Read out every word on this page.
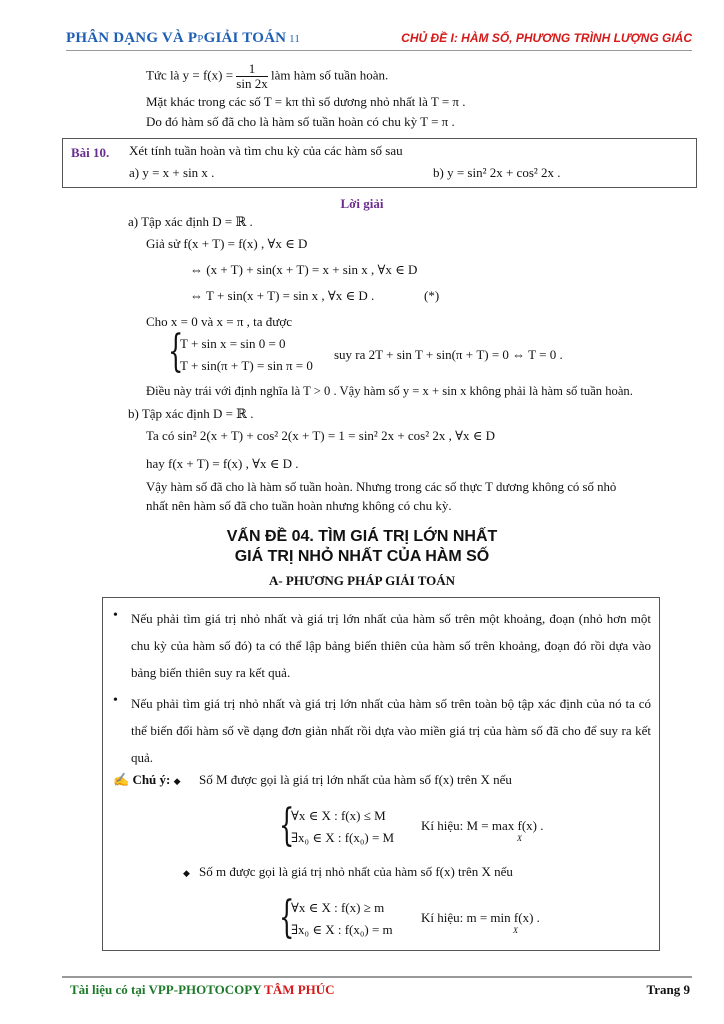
PHÂN DẠNG VÀ PPGIẢI TOÁN 11	CHỦ ĐỀ I: HÀM SỐ, PHƯƠNG TRÌNH LƯỢNG GIÁC
Tức là $y = f(x) = \frac{1}{\sin 2x}$ làm hàm số tuần hoàn.
Mặt khác trong các số T = kπ thì số dương nhỏ nhất là T = π .
Do đó hàm số đã cho là hàm số tuần hoàn có chu kỳ T = π .
Bài 10. Xét tính tuần hoàn và tìm chu kỳ của các hàm số sau
a) y = x + sin x .	b) y = sin² 2x + cos² 2x .
Lời giải
a) Tập xác định D = ℝ .
Giả sử f(x + T) = f(x) , ∀x ∈ D
⇔ (x + T) + sin(x + T) = x + sin x , ∀x ∈ D
⇔ T + sin(x + T) = sin x , ∀x ∈ D .	(*)
Cho x = 0 và x = π , ta được
{
T + sin x = sin 0 = 0
T + sin(π + T) = sin π = 0
suy ra 2T + sin T + sin(π + T) = 0 ⇔ T = 0 .
Điều này trái với định nghĩa là T > 0 . Vậy hàm số y = x + sin x không phải là hàm số tuần hoàn.
b) Tập xác định D = ℝ .
Ta có sin² 2(x + T) + cos² 2(x + T) = 1 = sin² 2x + cos² 2x , ∀x ∈ D
hay f(x + T) = f(x) , ∀x ∈ D .
Vậy hàm số đã cho là hàm số tuần hoàn. Nhưng trong các số thực T dương không có số nhỏ
nhất nên hàm số đã cho tuần hoàn nhưng không có chu kỳ.
VẤN ĐỀ 04. TÌM GIÁ TRỊ LỚN NHẤT
GIÁ TRỊ NHỎ NHẤT CỦA HÀM SỐ
A- PHƯƠNG PHÁP GIẢI TOÁN
• Nếu phải tìm giá trị nhỏ nhất và giá trị lớn nhất của hàm số trên một khoảng, đoạn (nhỏ hơn một chu kỳ của hàm số đó) ta có thể lập bảng biến thiên của hàm số trên khoảng, đoạn đó rồi dựa vào bảng biến thiên suy ra kết quả.
• Nếu phải tìm giá trị nhỏ nhất và giá trị lớn nhất của hàm số trên toàn bộ tập xác định của nó ta có thể biến đổi hàm số về dạng đơn giản nhất rồi dựa vào miền giá trị của hàm số đã cho để suy ra kết quả.
✍ Chú ý: ◆ Số M được gọi là giá trị lớn nhất của hàm số f(x) trên X nếu
{
∀x ∈ X : f(x) ≤ M
∃x₀ ∈ X : f(x₀) = M
Kí hiệu: M = max f(x) .
X
◆ Số m được gọi là giá trị nhỏ nhất của hàm số f(x) trên X nếu
{
∀x ∈ X : f(x) ≥ m
∃x₀ ∈ X : f(x₀) = m
Kí hiệu: m = min f(x) .
X
Tài liệu có tại VPP-PHOTOCOPY TÂM PHÚC	Trang 9
